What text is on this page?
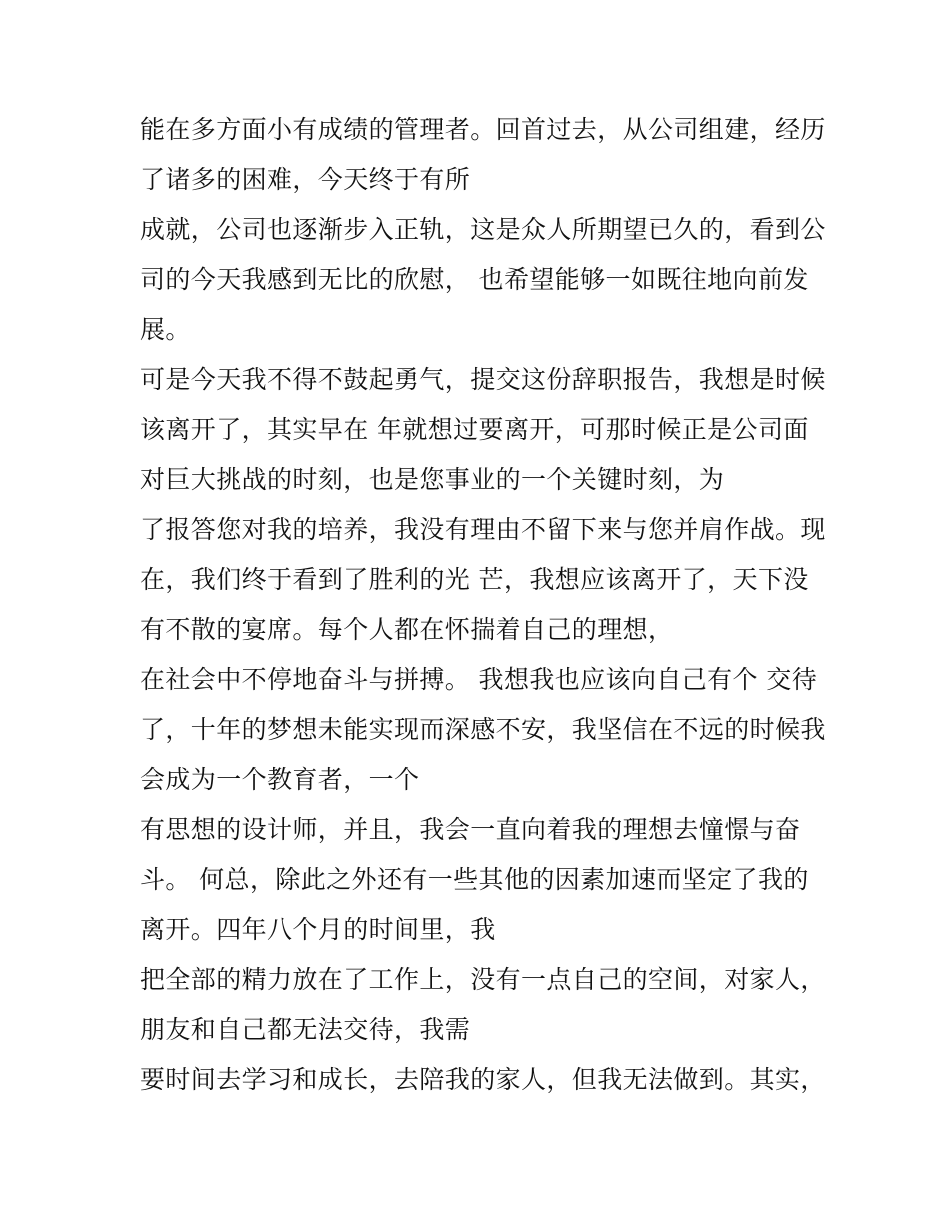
能在多方面小有成绩的管理者。回首过去，从公司组建，经历
了诸多的困难，今天终于有所
成就，公司也逐渐步入正轨，这是众人所期望已久的，看到公
司的今天我感到无比的欣慰， 也希望能够一如既往地向前发
展。
可是今天我不得不鼓起勇气，提交这份辞职报告，我想是时候
该离开了，其实早在 年就想过要离开，可那时候正是公司面
对巨大挑战的时刻，也是您事业的一个关键时刻，为
了报答您对我的培养，我没有理由不留下来与您并肩作战。现
在，我们终于看到了胜利的光 芒，我想应该离开了，天下没
有不散的宴席。每个人都在怀揣着自己的理想，
在社会中不停地奋斗与拼搏。 我想我也应该向自己有个 交待
了，十年的梦想未能实现而深感不安，我坚信在不远的时候我
会成为一个教育者，一个
有思想的设计师，并且，我会一直向着我的理想去憧憬与奋
斗。 何总，除此之外还有一些其他的因素加速而坚定了我的
离开。四年八个月的时间里，我
把全部的精力放在了工作上，没有一点自己的空间，对家人，
朋友和自己都无法交待，我需
要时间去学习和成长，去陪我的家人，但我无法做到。其实，
